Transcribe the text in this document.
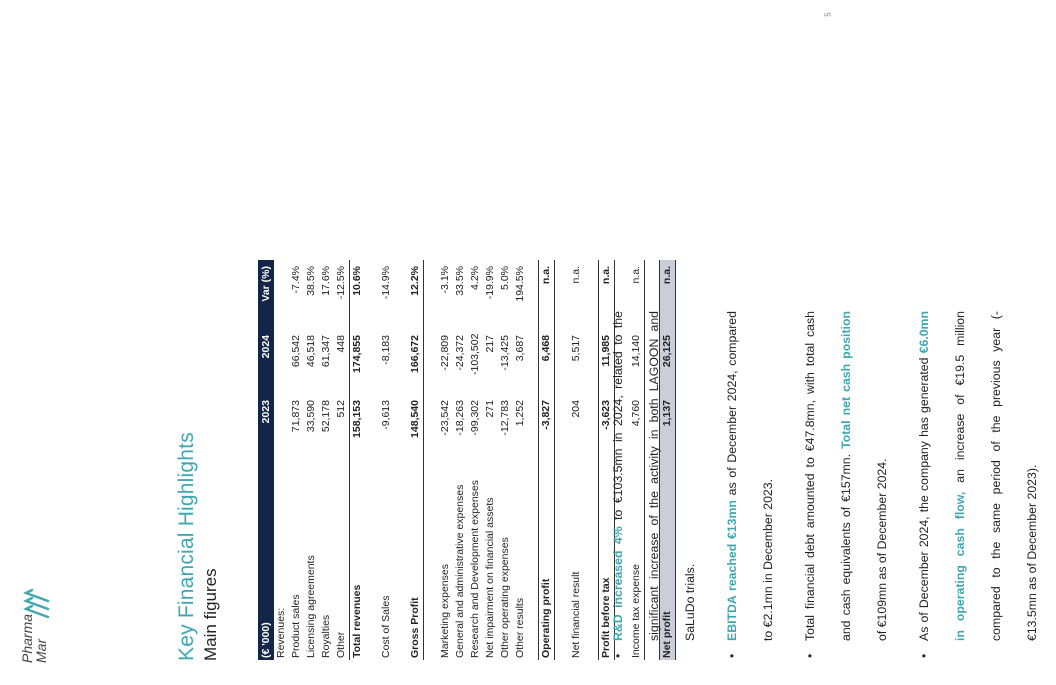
5
Pharma
Mar	Key Financial Highlights Main figures	(€ '000)
2023
2024
Var (%)
Revenues: Product sales
71,873
66,542
-7.4%
Licensing agreements
33,590
46,518
38.5%
Royalties
52,178
61,347
17.6%
Other
512
448
-12.5%
Total revenues
158,153
174,855
10.6%
Cost of Sales
-9,613
-8,183
-14.9%
Gross Profit
148,540
166,672
12.2%
Marketing expenses
-23,542
-22,809
-3.1%
General and administrative expenses
-18,263
-24,372
33.5%
Research and Development expenses
-99,302
-103,502
4.2%
Net impairment on financial assets
271
217
-19.9%
Other operating expenses
-12,783
-13,425
5.0%
Other results
1,252
3,687
194.5%
Operating profit
-3,827
6,468
n.a.
Net financial result
204
5,517
n.a.
Profit before tax
-3,623
11,985
n.a.
Income tax expense
4,760
14,140
n.a.
Net profit
1,137
26,125
n.a.
•
R&D increased 4% to €103.5mn in 2024, related to the significant increase of the activity in both LAGOON and SaLuDo trials.
•
EBITDA reached €13mn as of December 2024, compared to €2.1mn in December 2023.
•
Total financial debt amounted to €47.8mn, with total cash and cash equivalents of €157mn. Total net cash position of €109mn as of December 2024.
•
As of December 2024, the company has generated €6.0mn in operating cash flow, an increase of €19.5 million compared to the same period of the previous year (-€13.5mn as of December 2023).
